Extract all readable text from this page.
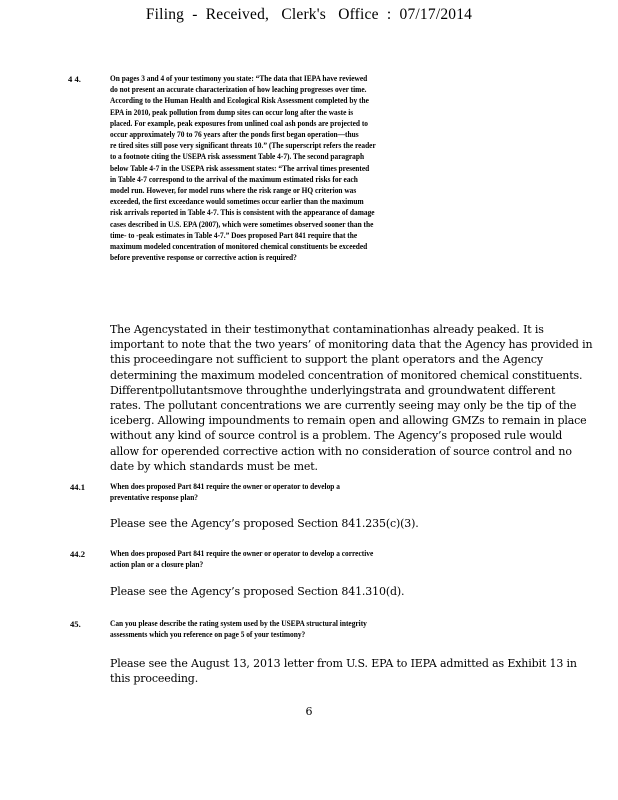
Filing  -  Received,   Clerk's   Office  :  07/17/2014
4 4.	On pages 3 and 4 of your testimony you state: “The data that IEPA have reviewed
do not present an accurate characterization of how leaching progresses over time.
According to the Human Health and Ecological Risk Assessment completed by the
EPA in 2010, peak pollution from dump sites can occur long after the waste is
placed. For example, peak exposures from unlined coal ash ponds are projected to
occur approximately 70 to 76 years after the ponds first began operation—thus
re tired sites still pose very significant threats 10.” (The superscript refers the reader
to a footnote citing the USEPA risk assessment Table 4-7). The second paragraph
below Table 4-7 in the USEPA risk assessment states: “The arrival times presented
in Table 4-7 correspond to the arrival of the maximum estimated risks for each
model run. However, for model runs where the risk range or HQ criterion was
exceeded, the first exceedance would sometimes occur earlier than the maximum
risk arrivals reported in Table 4-7. This is consistent with the appearance of damage
cases described in U.S. EPA (2007), which were sometimes observed sooner than the
time- to -peak estimates in Table 4-7.” Does proposed Part 841 require that the
maximum modeled concentration of monitored chemical constituents be exceeded
before preventive response or corrective action is required?
The Agencystated in their testimonythat contaminationhas already peaked. It is
important to note that the two years’ of monitoring data that the Agency has provided in
this proceedingare not sufficient to support the plant operators and the Agency
determining the maximum modeled concentration of monitored chemical constituents.
Differentpollutantsmove throughthe underlyingstrata and groundwatent different
rates. The pollutant concentrations we are currently seeing may only be the tip of the
iceberg. Allowing impoundments to remain open and allowing GMZs to remain in place
without any kind of source control is a problem. The Agency’s proposed rule would
allow for operended corrective action with no consideration of source control and no
date by which standards must be met.
44.1	When does proposed Part 841 require the owner or operator to develop a
preventative response plan?
Please see the Agency’s proposed Section 841.235(c)(3).
44.2	When does proposed Part 841 require the owner or operator to develop a corrective
action plan or a closure plan?
Please see the Agency’s proposed Section 841.310(d).
45.	Can you please describe the rating system used by the USEPA structural integrity
assessments which you reference on page 5 of your testimony?
Please see the August 13, 2013 letter from U.S. EPA to IEPA admitted as Exhibit 13 in
this proceeding.
6
